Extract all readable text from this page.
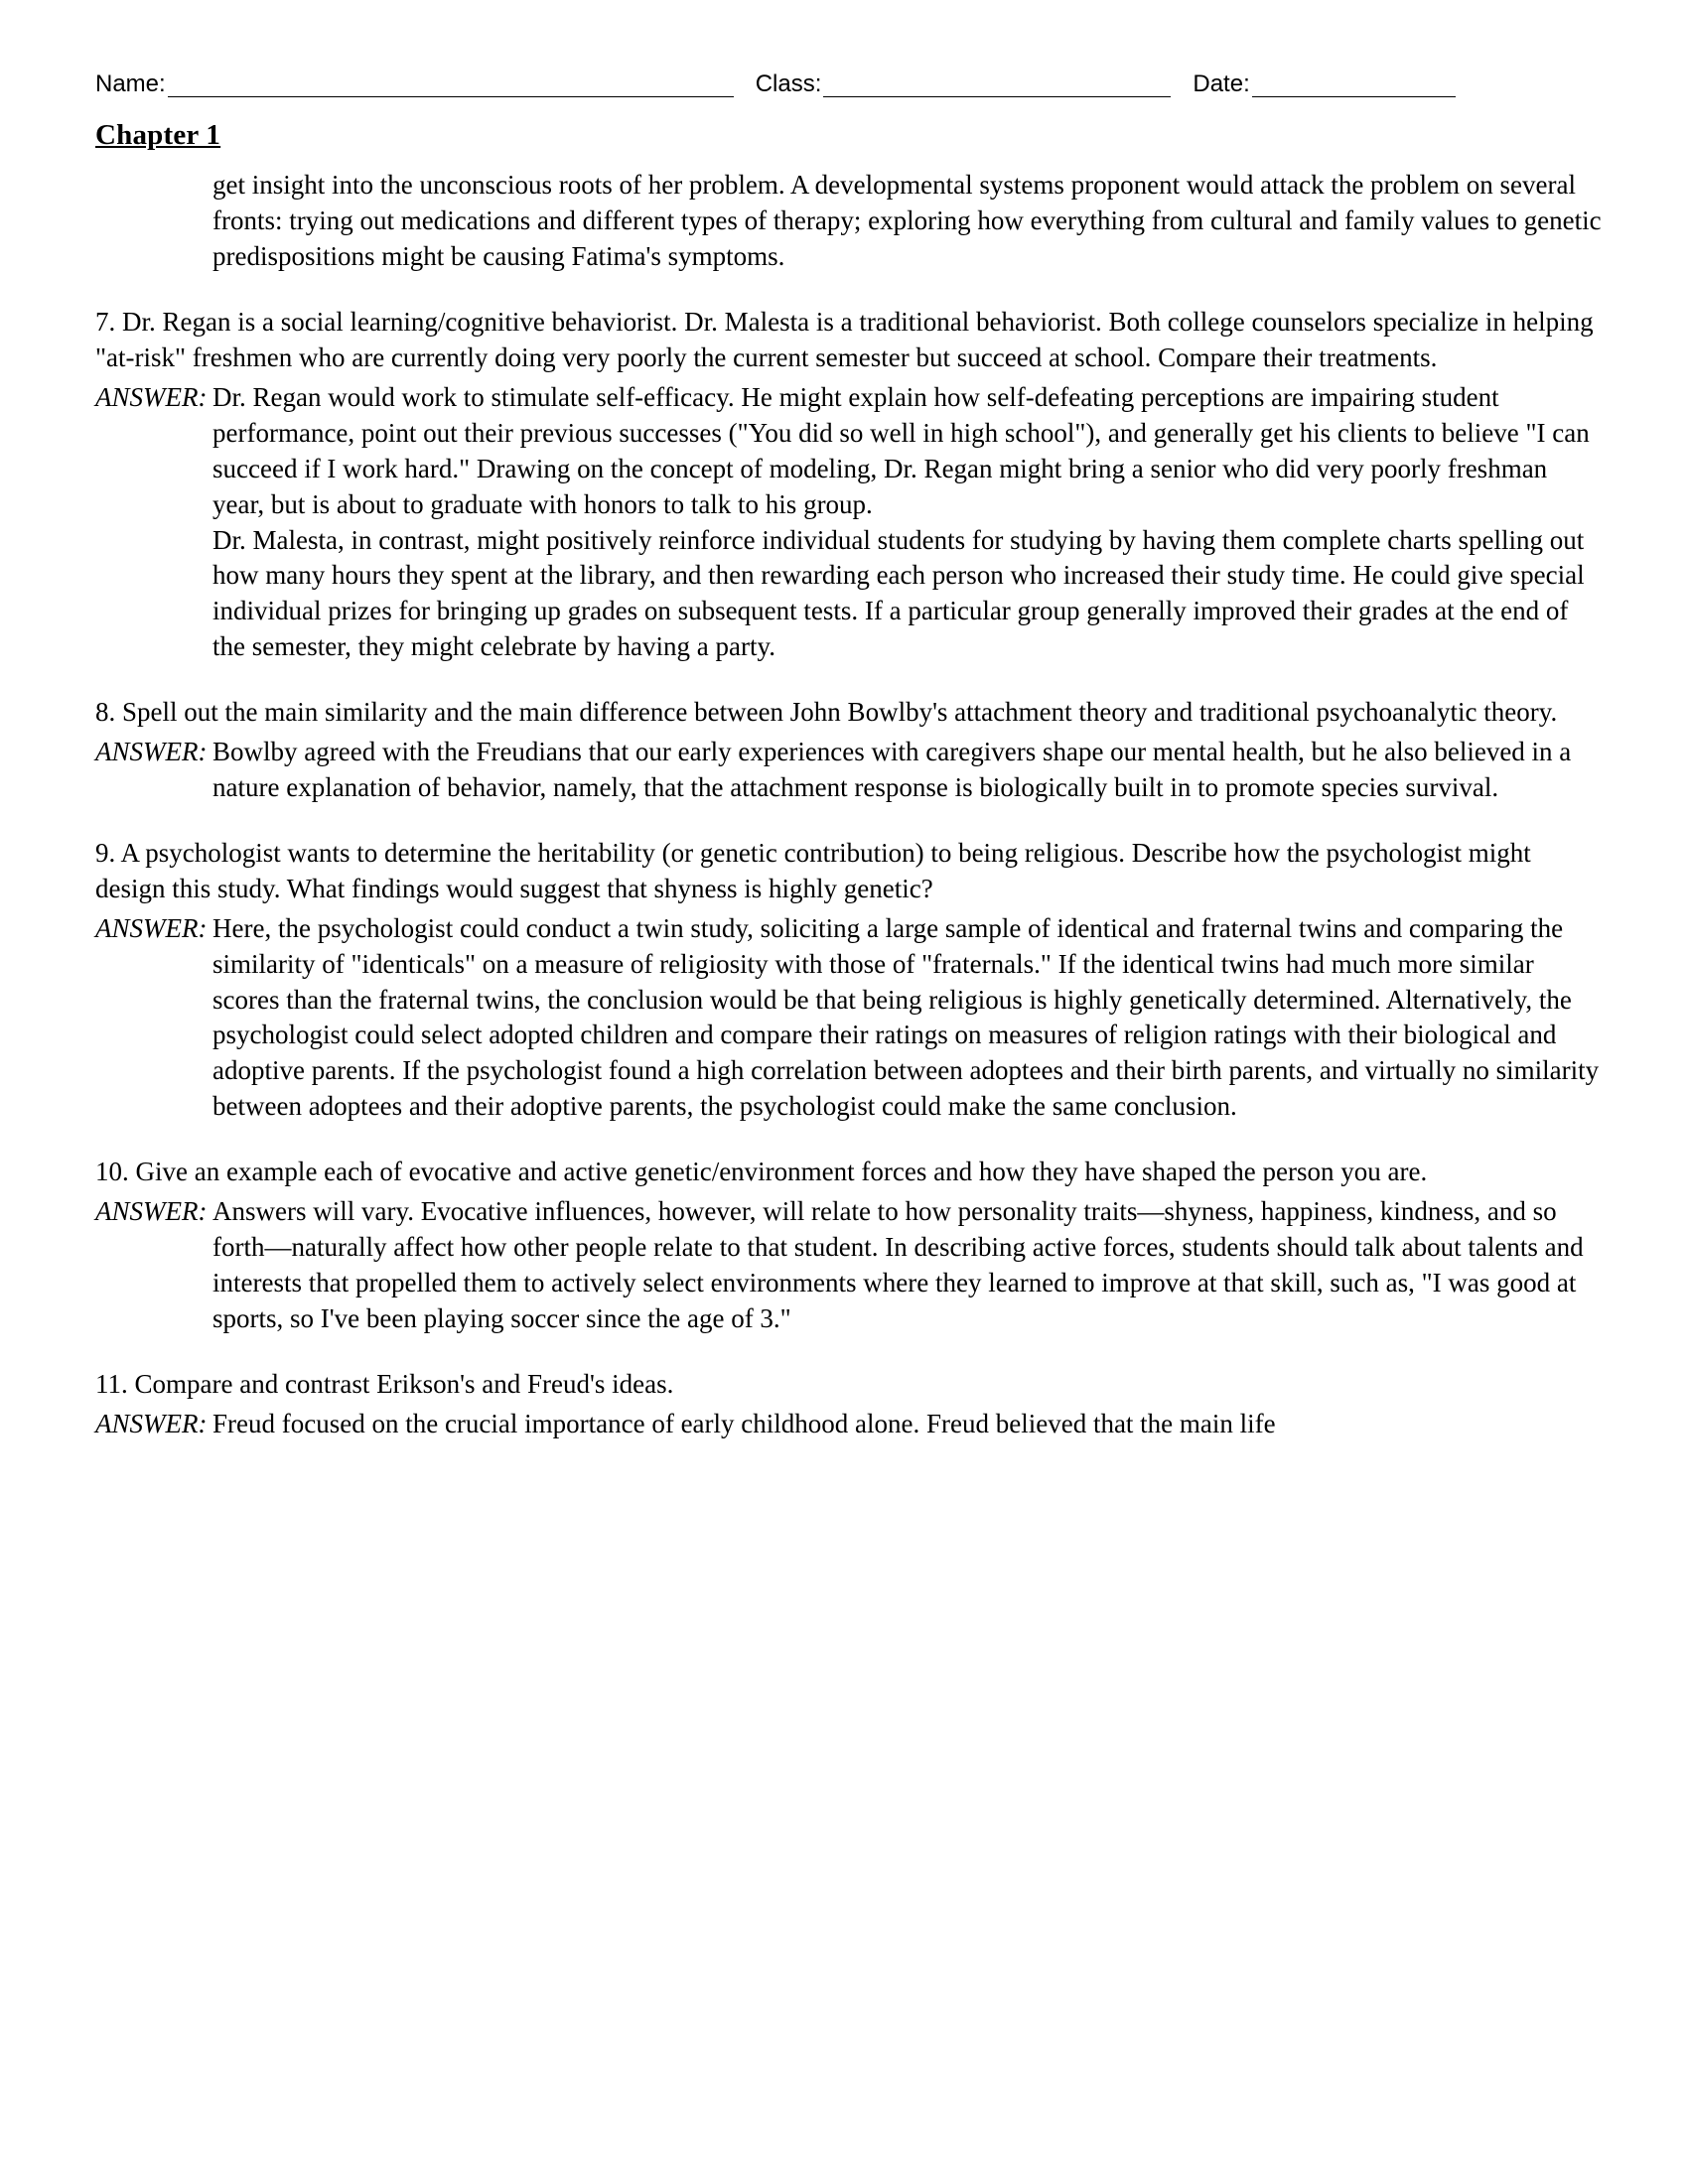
Name:	Class:	Date:
Chapter 1
get insight into the unconscious roots of her problem. A developmental systems proponent would attack the problem on several fronts: trying out medications and different types of therapy; exploring how everything from cultural and family values to genetic predispositions might be causing Fatima's symptoms.
7. Dr. Regan is a social learning/cognitive behaviorist. Dr. Malesta is a traditional behaviorist. Both college counselors specialize in helping "at-risk" freshmen who are currently doing very poorly the current semester but succeed at school. Compare their treatments.
ANSWER: Dr. Regan would work to stimulate self-efficacy. He might explain how self-defeating perceptions are impairing student performance, point out their previous successes ("You did so well in high school"), and generally get his clients to believe "I can succeed if I work hard." Drawing on the concept of modeling, Dr. Regan might bring a senior who did very poorly freshman year, but is about to graduate with honors to talk to his group.

Dr. Malesta, in contrast, might positively reinforce individual students for studying by having them complete charts spelling out how many hours they spent at the library, and then rewarding each person who increased their study time. He could give special individual prizes for bringing up grades on subsequent tests. If a particular group generally improved their grades at the end of the semester, they might celebrate by having a party.

8. Spell out the main similarity and the main difference between John Bowlby's attachment theory and traditional psychoanalytic theory.
ANSWER: Bowlby agreed with the Freudians that our early experiences with caregivers shape our mental health, but he also believed in a nature explanation of behavior, namely, that the attachment response is biologically built in to promote species survival.

9. A psychologist wants to determine the heritability (or genetic contribution) to being religious. Describe how the psychologist might design this study. What findings would suggest that shyness is highly genetic?
ANSWER: Here, the psychologist could conduct a twin study, soliciting a large sample of identical and fraternal twins and comparing the similarity of "identicals" on a measure of religiosity with those of "fraternals." If the identical twins had much more similar scores than the fraternal twins, the conclusion would be that being religious is highly genetically determined. Alternatively, the psychologist could select adopted children and compare their ratings on measures of religion ratings with their biological and adoptive parents. If the psychologist found a high correlation between adoptees and their birth parents, and virtually no similarity between adoptees and their adoptive parents, the psychologist could make the same conclusion.

10. Give an example each of evocative and active genetic/environment forces and how they have shaped the person you are.
ANSWER: Answers will vary. Evocative influences, however, will relate to how personality traits—shyness, happiness, kindness, and so forth—naturally affect how other people relate to that student. In describing active forces, students should talk about talents and interests that propelled them to actively select environments where they learned to improve at that skill, such as, "I was good at sports, so I've been playing soccer since the age of 3."

11. Compare and contrast Erikson's and Freud's ideas.
ANSWER: Freud focused on the crucial importance of early childhood alone. Freud believed that the main life
